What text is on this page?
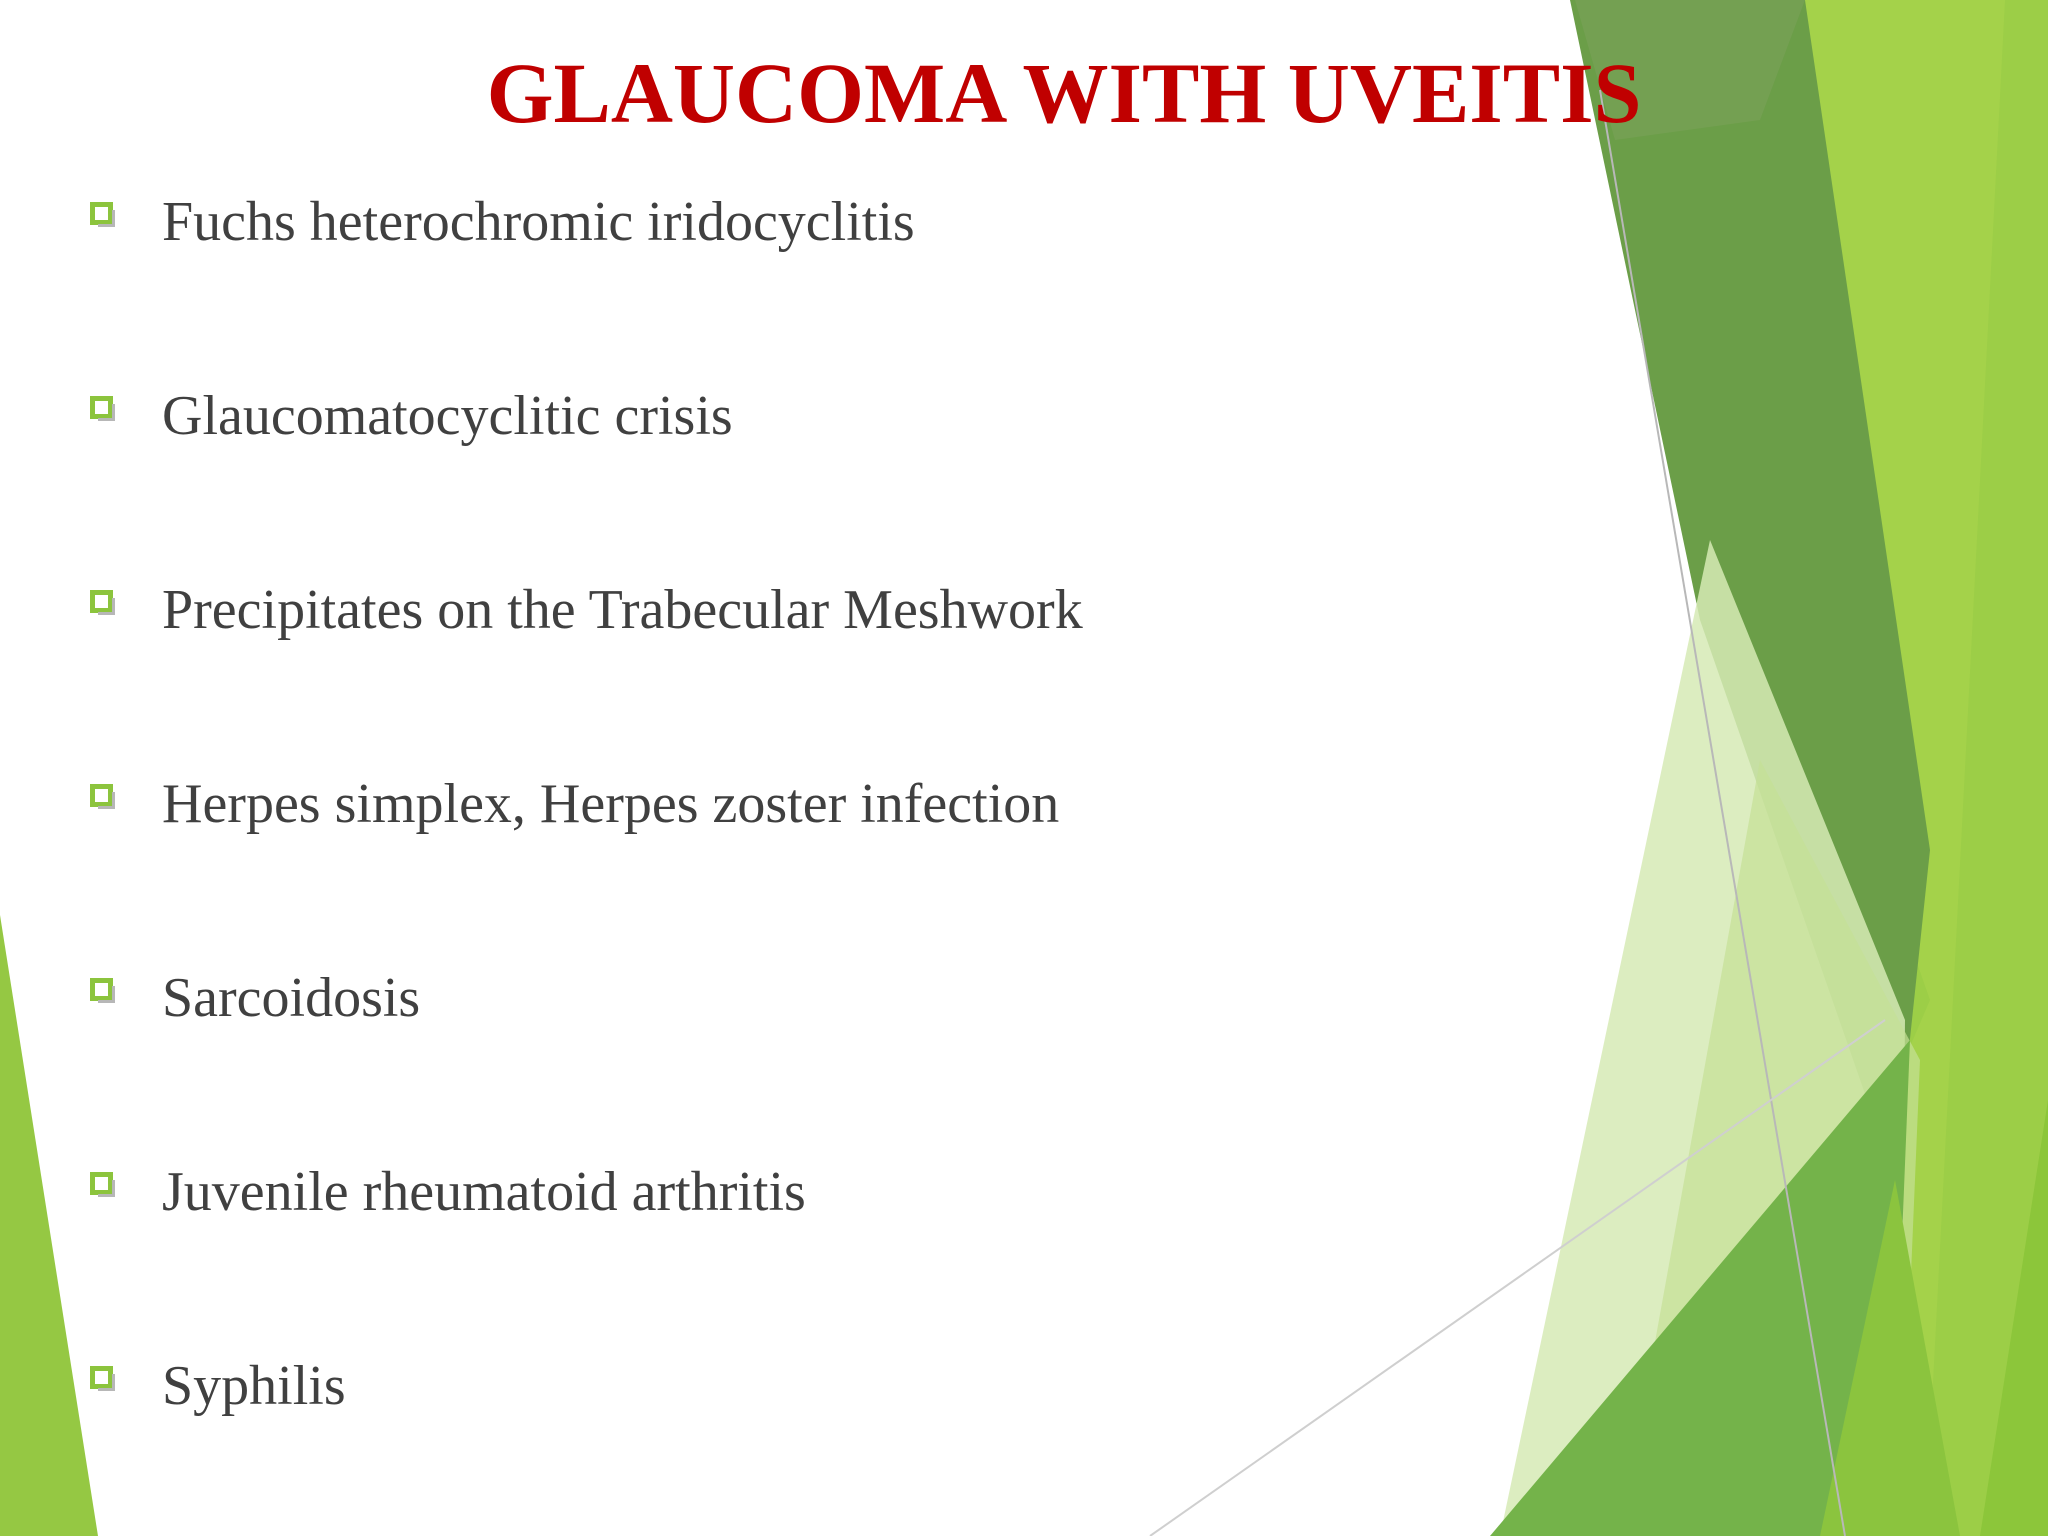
GLAUCOMA WITH UVEITIS
Fuchs heterochromic iridocyclitis
Glaucomatocyclitic crisis
Precipitates on the Trabecular Meshwork
Herpes simplex, Herpes zoster infection
Sarcoidosis
Juvenile rheumatoid arthritis
Syphilis
